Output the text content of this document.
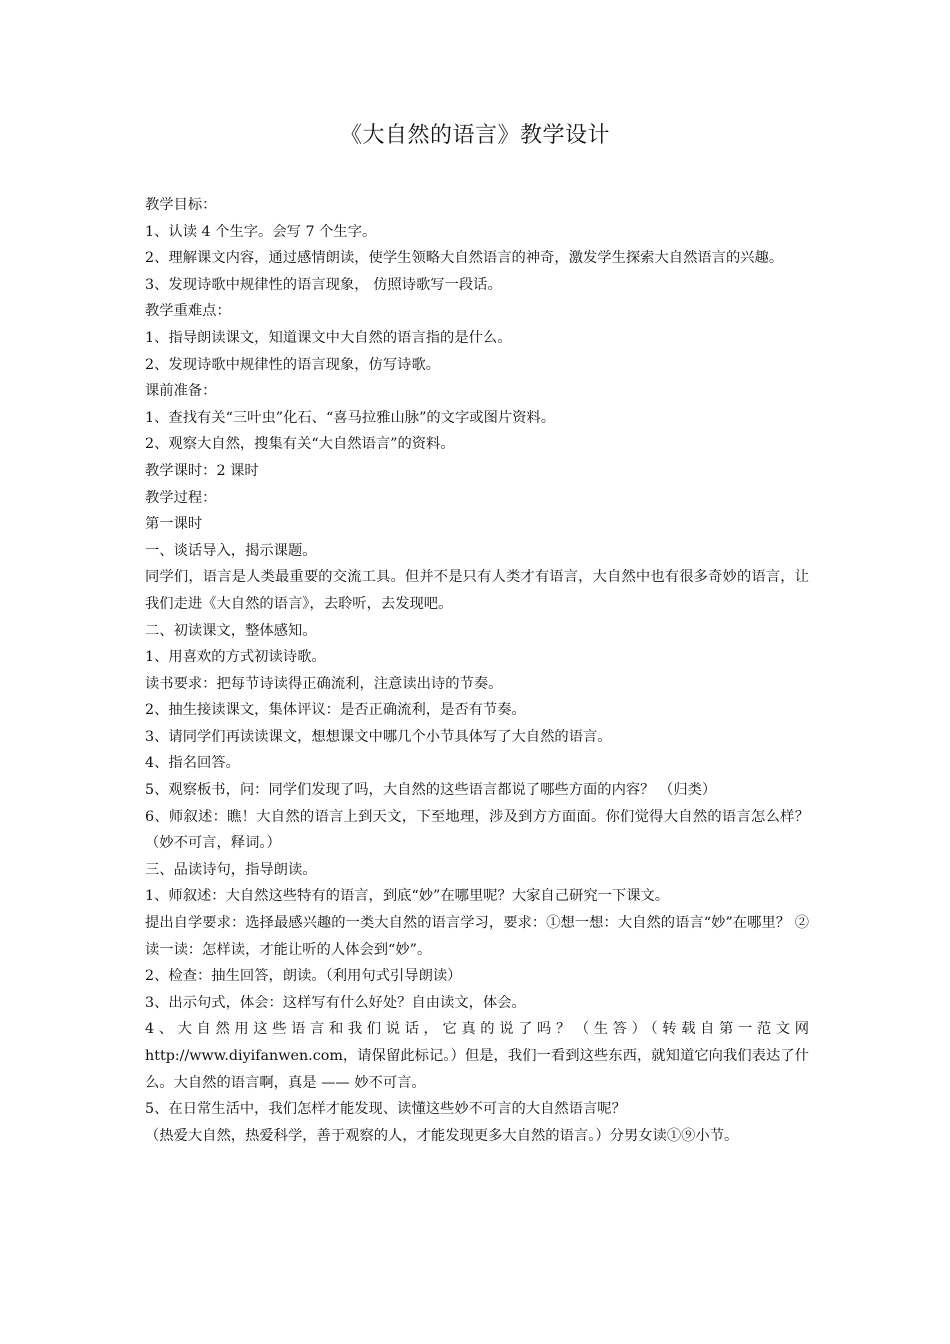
《大自然的语言》教学设计

教学目标：

1、认读 4 个生字。会写 7 个生字。

2、理解课文内容，通过感情朗读，使学生领略大自然语言的神奇，激发学生探索大自然语言的兴趣。

3、发现诗歌中规律性的语言现象， 仿照诗歌写一段话。

教学重难点：

1、指导朗读课文，知道课文中大自然的语言指的是什么。

2、发现诗歌中规律性的语言现象，仿写诗歌。

课前准备：

1、查找有关“三叶虫”化石、“喜马拉雅山脉”的文字或图片资料。

2、观察大自然，搜集有关“大自然语言”的资料。

教学课时：2 课时

教学过程：

第一课时

一、谈话导入，揭示课题。

同学们，语言是人类最重要的交流工具。但并不是只有人类才有语言，大自然中也有很多奇妙的语言，让我们走进《大自然的语言》，去聆听，去发现吧。

二、初读课文，整体感知。

1、用喜欢的方式初读诗歌。

读书要求：把每节诗读得正确流利，注意读出诗的节奏。

2、抽生接读课文，集体评议：是否正确流利，是否有节奏。

3、请同学们再读读课文，想想课文中哪几个小节具体写了大自然的语言。

4、指名回答。

5、观察板书，问：同学们发现了吗，大自然的这些语言都说了哪些方面的内容？ （归类）

6、师叙述：瞧！大自然的语言上到天文，下至地理，涉及到方方面面。你们觉得大自然的语言怎么样？（妙不可言，释词。）

三、品读诗句，指导朗读。

1、师叙述：大自然这些特有的语言，到底“妙”在哪里呢？大家自己研究一下课文。

提出自学要求：选择最感兴趣的一类大自然的语言学习，要求：①想一想：大自然的语言“妙”在哪里？ ②读一读：怎样读，才能让听的人体会到“妙”。

2、检查：抽生回答，朗读。（利用句式引导朗读）

3、出示句式，体会：这样写有什么好处？自由读文，体会。

4、大自然用这些语言和我们说话，它真的说了吗？（生答）（转载自第一范文网 http://www.diyifanwen.com，请保留此标记。）但是，我们一看到这些东西，就知道它向我们表达了什么。大自然的语言啊，真是 —— 妙不可言。

5、在日常生活中，我们怎样才能发现、读懂这些妙不可言的大自然语言呢？

（热爱大自然，热爱科学，善于观察的人，才能发现更多大自然的语言。）分男女读①⑨小节。
